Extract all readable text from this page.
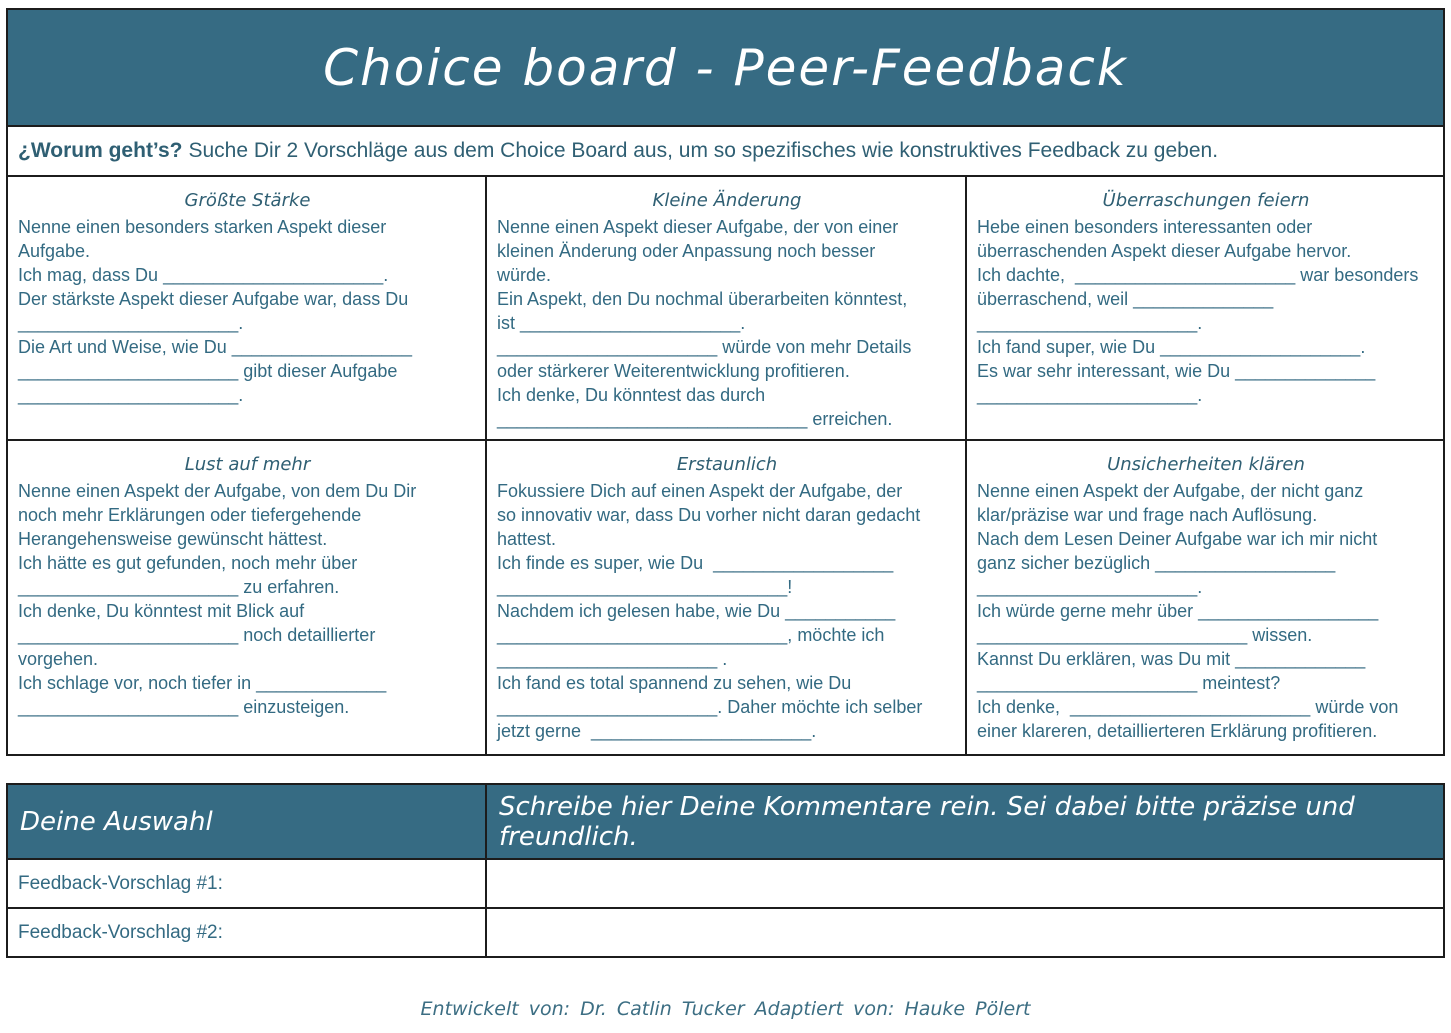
Choice board - Peer-Feedback
¿Worum geht’s? Suche Dir 2 Vorschläge aus dem Choice Board aus, um so spezifisches wie konstruktives Feedback zu geben.
Größte Stärke
Nenne einen besonders starken Aspekt dieser
Aufgabe.
Ich mag, dass Du ______________________.
Der stärkste Aspekt dieser Aufgabe war, dass Du
______________________.
Die Art und Weise, wie Du __________________
______________________ gibt dieser Aufgabe
______________________.
Kleine Änderung
Nenne einen Aspekt dieser Aufgabe, der von einer
kleinen Änderung oder Anpassung noch besser
würde.
Ein Aspekt, den Du nochmal überarbeiten könntest,
ist ______________________.
______________________ würde von mehr Details
oder stärkerer Weiterentwicklung profitieren.
Ich denke, Du könntest das durch
_______________________________ erreichen.
Überraschungen feiern
Hebe einen besonders interessanten oder
überraschenden Aspekt dieser Aufgabe hervor.
Ich dachte,  ______________________ war besonders
überraschend, weil ______________
______________________.
Ich fand super, wie Du ____________________.
Es war sehr interessant, wie Du ______________
______________________.
Lust auf mehr
Nenne einen Aspekt der Aufgabe, von dem Du Dir
noch mehr Erklärungen oder tiefergehende
Herangehensweise gewünscht hättest.
Ich hätte es gut gefunden, noch mehr über
______________________ zu erfahren.
Ich denke, Du könntest mit Blick auf
______________________ noch detaillierter
vorgehen.
Ich schlage vor, noch tiefer in _____________
______________________ einzusteigen.
Erstaunlich
Fokussiere Dich auf einen Aspekt der Aufgabe, der
so innovativ war, dass Du vorher nicht daran gedacht
hattest.
Ich finde es super, wie Du  __________________
_____________________________!
Nachdem ich gelesen habe, wie Du ___________
_____________________________, möchte ich
______________________ .
Ich fand es total spannend zu sehen, wie Du
______________________. Daher möchte ich selber
jetzt gerne  ______________________.
Unsicherheiten klären
Nenne einen Aspekt der Aufgabe, der nicht ganz
klar/präzise war und frage nach Auflösung.
Nach dem Lesen Deiner Aufgabe war ich mir nicht
ganz sicher bezüglich __________________
______________________.
Ich würde gerne mehr über __________________
___________________________ wissen.
Kannst Du erklären, was Du mit _____________
______________________ meintest?
Ich denke,  ________________________ würde von
einer klareren, detaillierteren Erklärung profitieren.
Deine Auswahl	Schreibe hier Deine Kommentare rein. Sei dabei bitte präzise und freundlich.
Feedback-Vorschlag #1:
Feedback-Vorschlag #2:
Entwickelt von: Dr. Catlin Tucker Adaptiert von: Hauke Pölert
